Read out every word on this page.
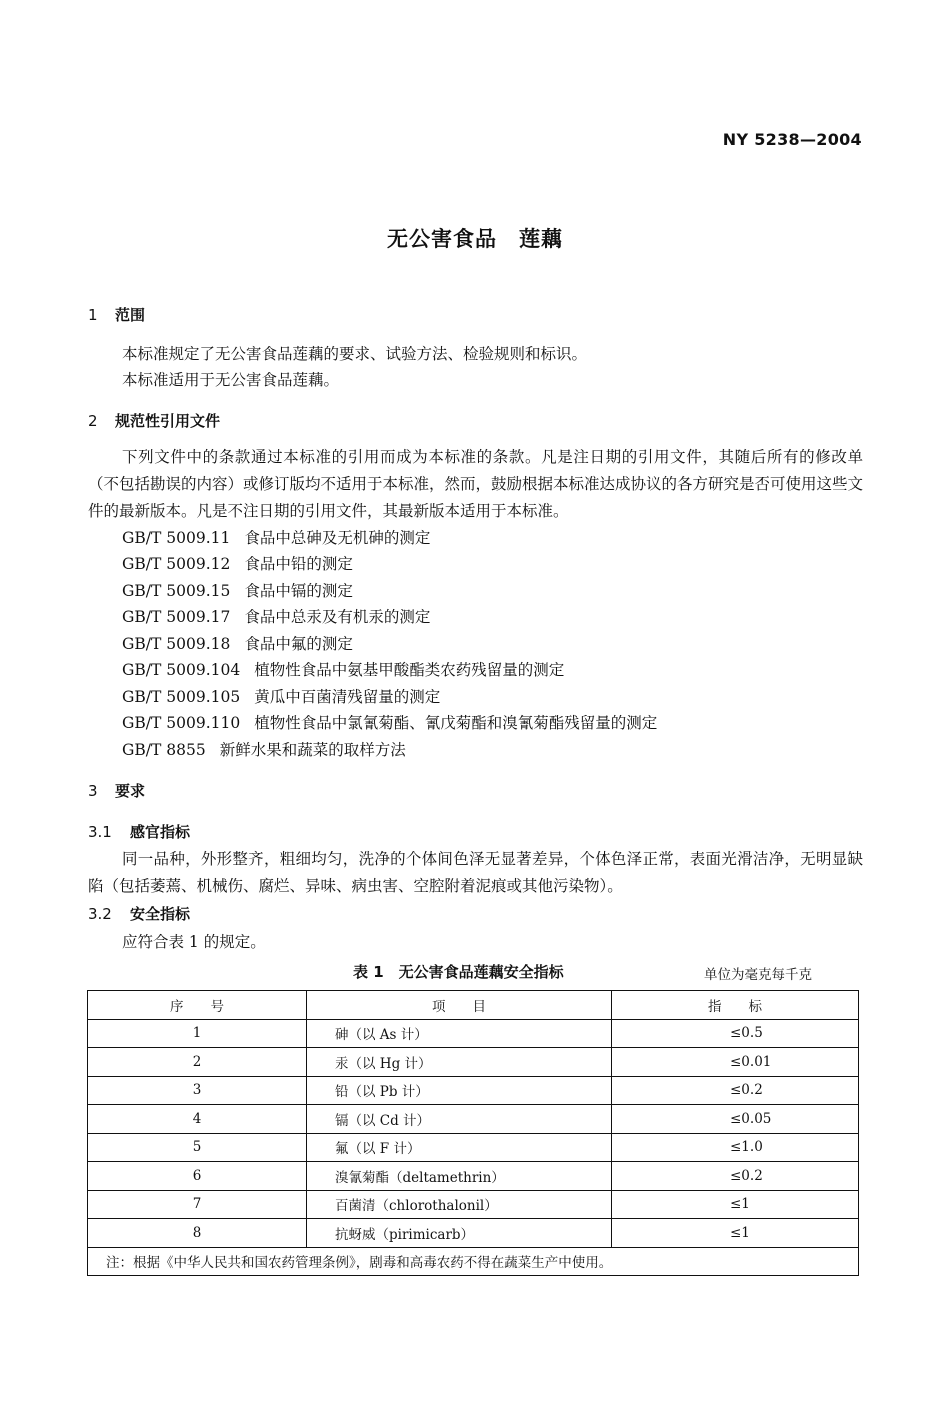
NY 5238—2004
无公害食品　莲藕
1 范围
本标准规定了无公害食品莲藕的要求、试验方法、检验规则和标识。
本标准适用于无公害食品莲藕。
2 规范性引用文件
下列文件中的条款通过本标准的引用而成为本标准的条款。凡是注日期的引用文件，其随后所有的修改单（不包括勘误的内容）或修订版均不适用于本标准，然而，鼓励根据本标准达成协议的各方研究是否可使用这些文件的最新版本。凡是不注日期的引用文件，其最新版本适用于本标准。
GB/T 5009.11 食品中总砷及无机砷的测定
GB/T 5009.12 食品中铅的测定
GB/T 5009.15 食品中镉的测定
GB/T 5009.17 食品中总汞及有机汞的测定
GB/T 5009.18 食品中氟的测定
GB/T 5009.104 植物性食品中氨基甲酸酯类农药残留量的测定
GB/T 5009.105 黄瓜中百菌清残留量的测定
GB/T 5009.110 植物性食品中氯氰菊酯、氰戊菊酯和溴氰菊酯残留量的测定
GB/T 8855 新鲜水果和蔬菜的取样方法
3 要求
3.1 感官指标
同一品种，外形整齐，粗细均匀，洗净的个体间色泽无显著差异，个体色泽正常，表面光滑洁净，无明显缺陷（包括萎蔫、机械伤、腐烂、异味、病虫害、空腔附着泥痕或其他污染物）。
3.2 安全指标
应符合表 1 的规定。
表 1　无公害食品莲藕安全指标	单位为毫克每千克
序　　号	项　　目	指　　标
1	砷（以 As 计）	≤0.5
2	汞（以 Hg 计）	≤0.01
3	铅（以 Pb 计）	≤0.2
4	镉（以 Cd 计）	≤0.05
5	氟（以 F 计）	≤1.0
6	溴氰菊酯（deltamethrin）	≤0.2
7	百菌清（chlorothalonil）	≤1
8	抗蚜威（pirimicarb）	≤1
注：根据《中华人民共和国农药管理条例》，剧毒和高毒农药不得在蔬菜生产中使用。		
